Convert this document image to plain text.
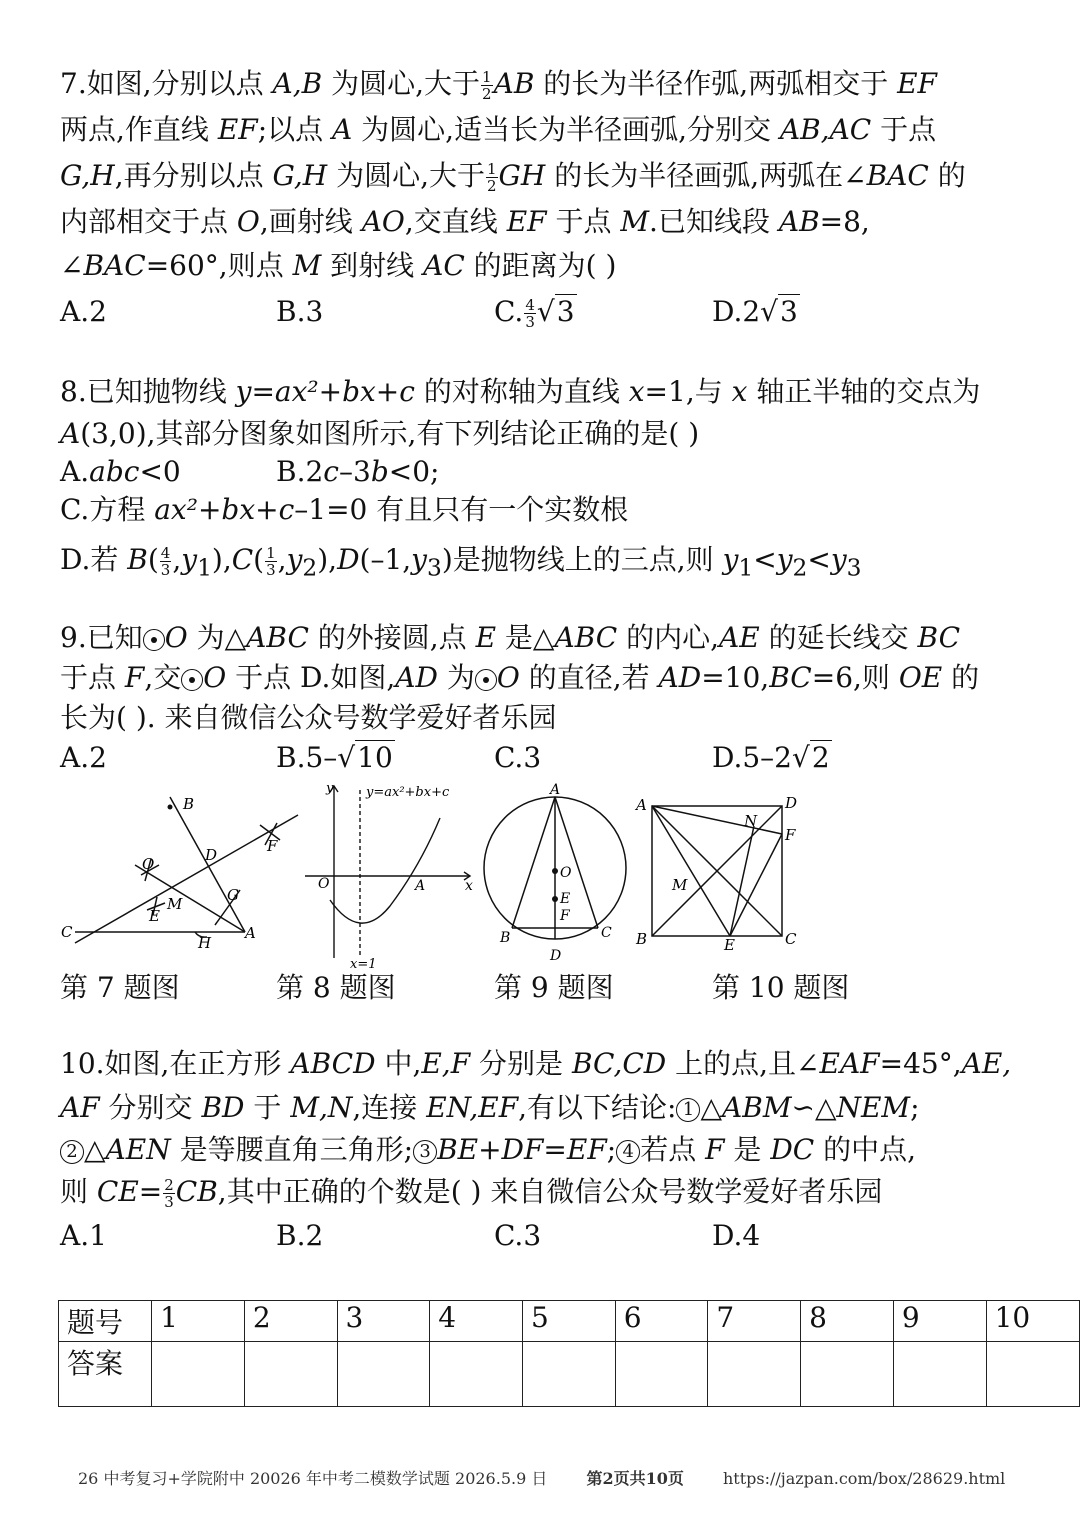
7.如图,分别以点 A,B 为圆心,大于 $\frac{1}{2}$ AB 的长为半径作弧,两弧相交于 EF
两点,作直线 EF;以点 A 为圆心,适当长为半径画弧,分别交 AB,AC 于点
G,H,再分别以点 G,H 为圆心,大于 $\frac{1}{2}$ GH 的长为半径画弧,两弧在∠BAC 的
内部相交于点 O,画射线 AO,交直线 EF 于点 M.已知线段 AB=8,
∠BAC=60°,则点 M 到射线 AC 的距离为( )
A.2	B.3	C. $\frac{4}{3} √3$	D.2√3
8.已知抛物线 y=ax²+bx+c 的对称轴为直线 x=1,与 x 轴正半轴的交点为
A(3,0),其部分图象如图所示,有下列结论正确的是( )
A.abc<0	B.2c–3b<0;
C.方程 ax²+bx+c–1=0 有且只有一个实数根
D.若 $B( \frac{4}{3} ,y_1),C( \frac{1}{3} ,y_2),D(-1,y_3)$是抛物线上的三点,则 $y_1<y_2<y_3$
9.已知 O 为△ABC 的外接圆,点 E 是△ABC 的内心,AE 的延长线交 BC
于点 F,交 O 于点 D.如图,AD 为 O 的直径,若 AD=10,BC=6,则 OE 的
长为( ). 来自微信公众号数学爱好者乐园
A.2	B.5–√10	C.3	D.5–2√2
B
D	F
O
G
M
E
C
H
A
y	y=ax²+bx+c
O	A	x
x=1
A
O
E
F
B	C
D
A	D
N
F
M
B	E	C
第 7 题图	第 8 题图	第 9 题图	第 10 题图
10.如图,在正方形 ABCD 中,E,F 分别是 BC,CD 上的点,且∠EAF=45°,AE,
AF 分别交 BD 于 M,N,连接 EN,EF,有以下结论: 1 △ABM∽△NEM;
2 △AEN 是等腰直角三角形; 3 BE+DF=EF; 4 若点 F 是 DC 的中点,
则 $CE= \frac{2}{3}$ CB,其中正确的个数是( ) 来自微信公众号数学爱好者乐园
A.1	B.2	C.3	D.4
题号	1	2	3	4	5	6	7	8	9	10
答案										
26 中考复习+学院附中 20026 年中考二模数学试题 2026.5.9 日 第2页共10页 https://jazpan.com/box/28629.html
